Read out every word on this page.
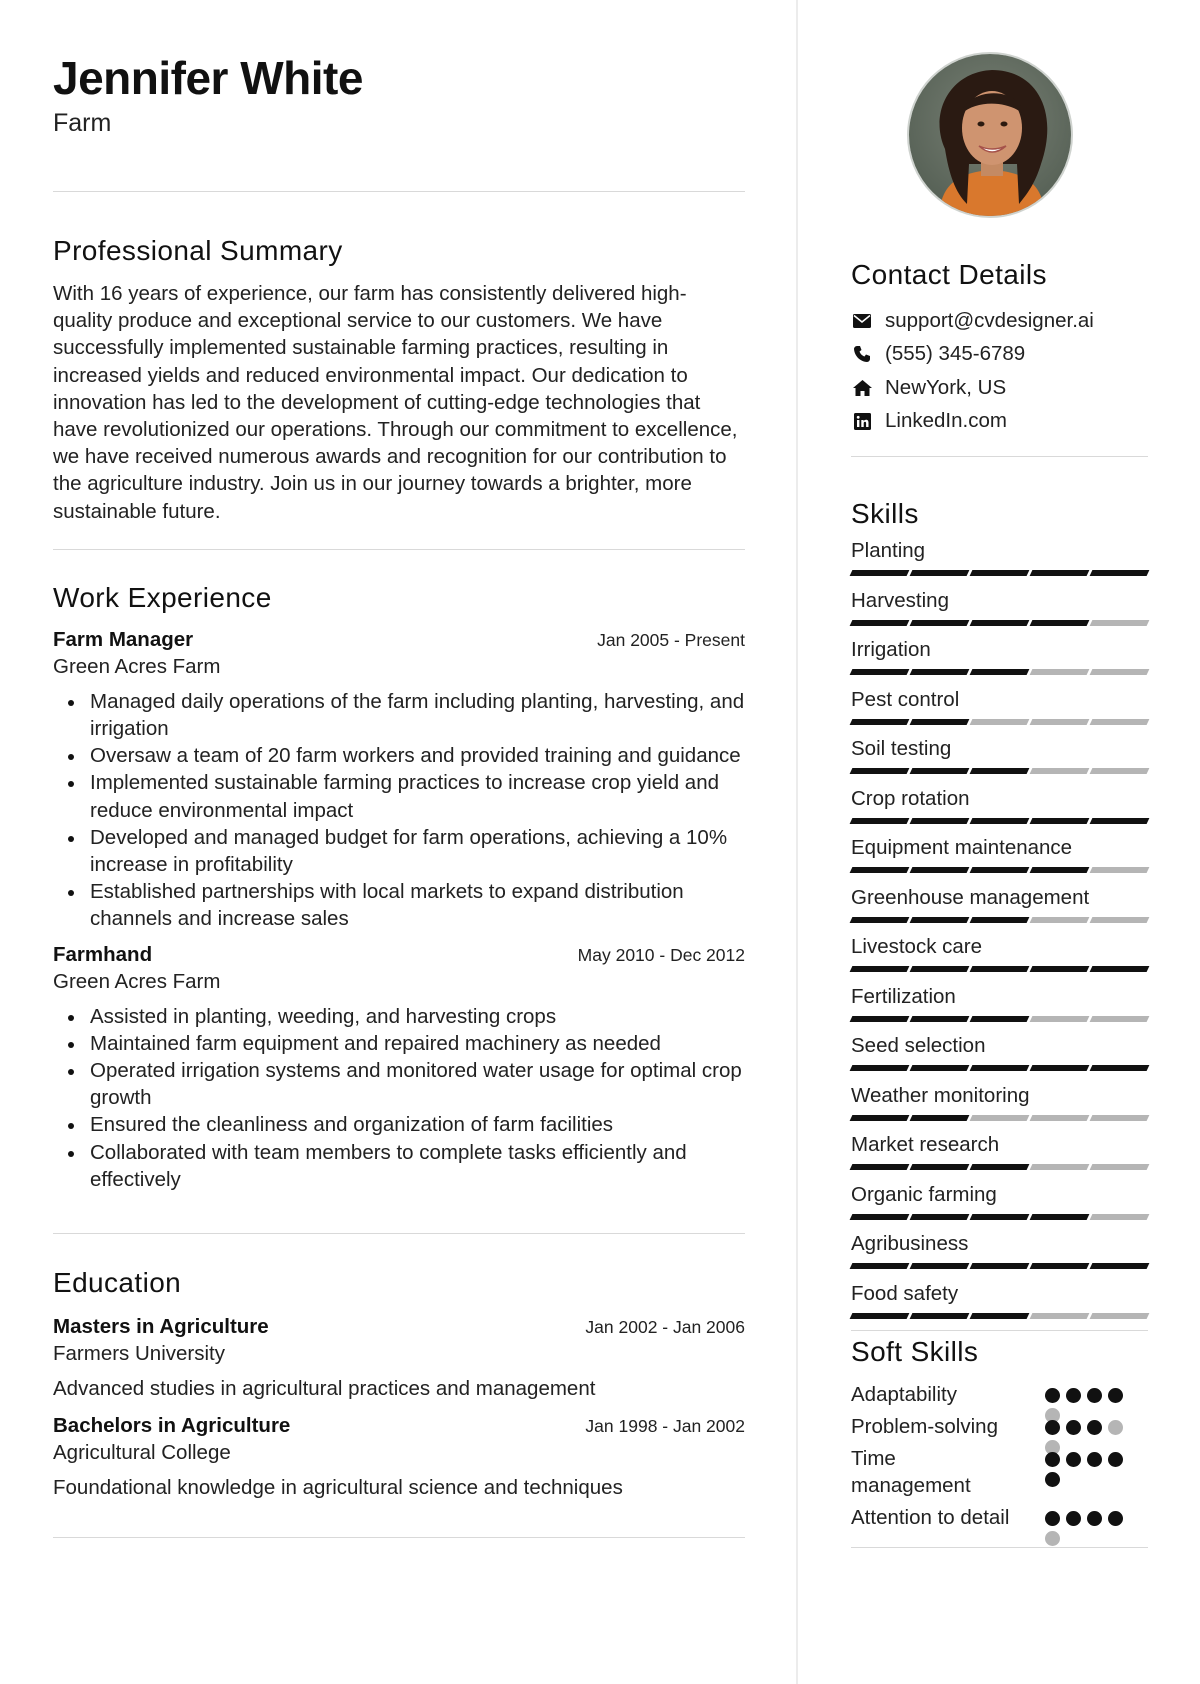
Jennifer White
Farm
Professional Summary
With 16 years of experience, our farm has consistently delivered high-quality produce and exceptional service to our customers. We have successfully implemented sustainable farming practices, resulting in increased yields and reduced environmental impact. Our dedication to innovation has led to the development of cutting-edge technologies that have revolutionized our operations. Through our commitment to excellence, we have received numerous awards and recognition for our contribution to the agriculture industry. Join us in our journey towards a brighter, more sustainable future.
Work Experience
Farm Manager	Jan 2005 - Present
Green Acres Farm
Managed daily operations of the farm including planting, harvesting, and irrigation
Oversaw a team of 20 farm workers and provided training and guidance
Implemented sustainable farming practices to increase crop yield and reduce environmental impact
Developed and managed budget for farm operations, achieving a 10% increase in profitability
Established partnerships with local markets to expand distribution channels and increase sales
Farmhand	May 2010 - Dec 2012
Green Acres Farm
Assisted in planting, weeding, and harvesting crops
Maintained farm equipment and repaired machinery as needed
Operated irrigation systems and monitored water usage for optimal crop growth
Ensured the cleanliness and organization of farm facilities
Collaborated with team members to complete tasks efficiently and effectively
Education
Masters in Agriculture	Jan 2002 - Jan 2006
Farmers University
Advanced studies in agricultural practices and management
Bachelors in Agriculture	Jan 1998 - Jan 2002
Agricultural College
Foundational knowledge in agricultural science and techniques
Contact Details
support@cvdesigner.ai
(555) 345-6789
NewYork, US
LinkedIn.com
Skills
Planting
Harvesting
Irrigation
Pest control
Soil testing
Crop rotation
Equipment maintenance
Greenhouse management
Livestock care
Fertilization
Seed selection
Weather monitoring
Market research
Organic farming
Agribusiness
Food safety
Soft Skills
Adaptability
Problem-solving
Time management
Attention to detail
